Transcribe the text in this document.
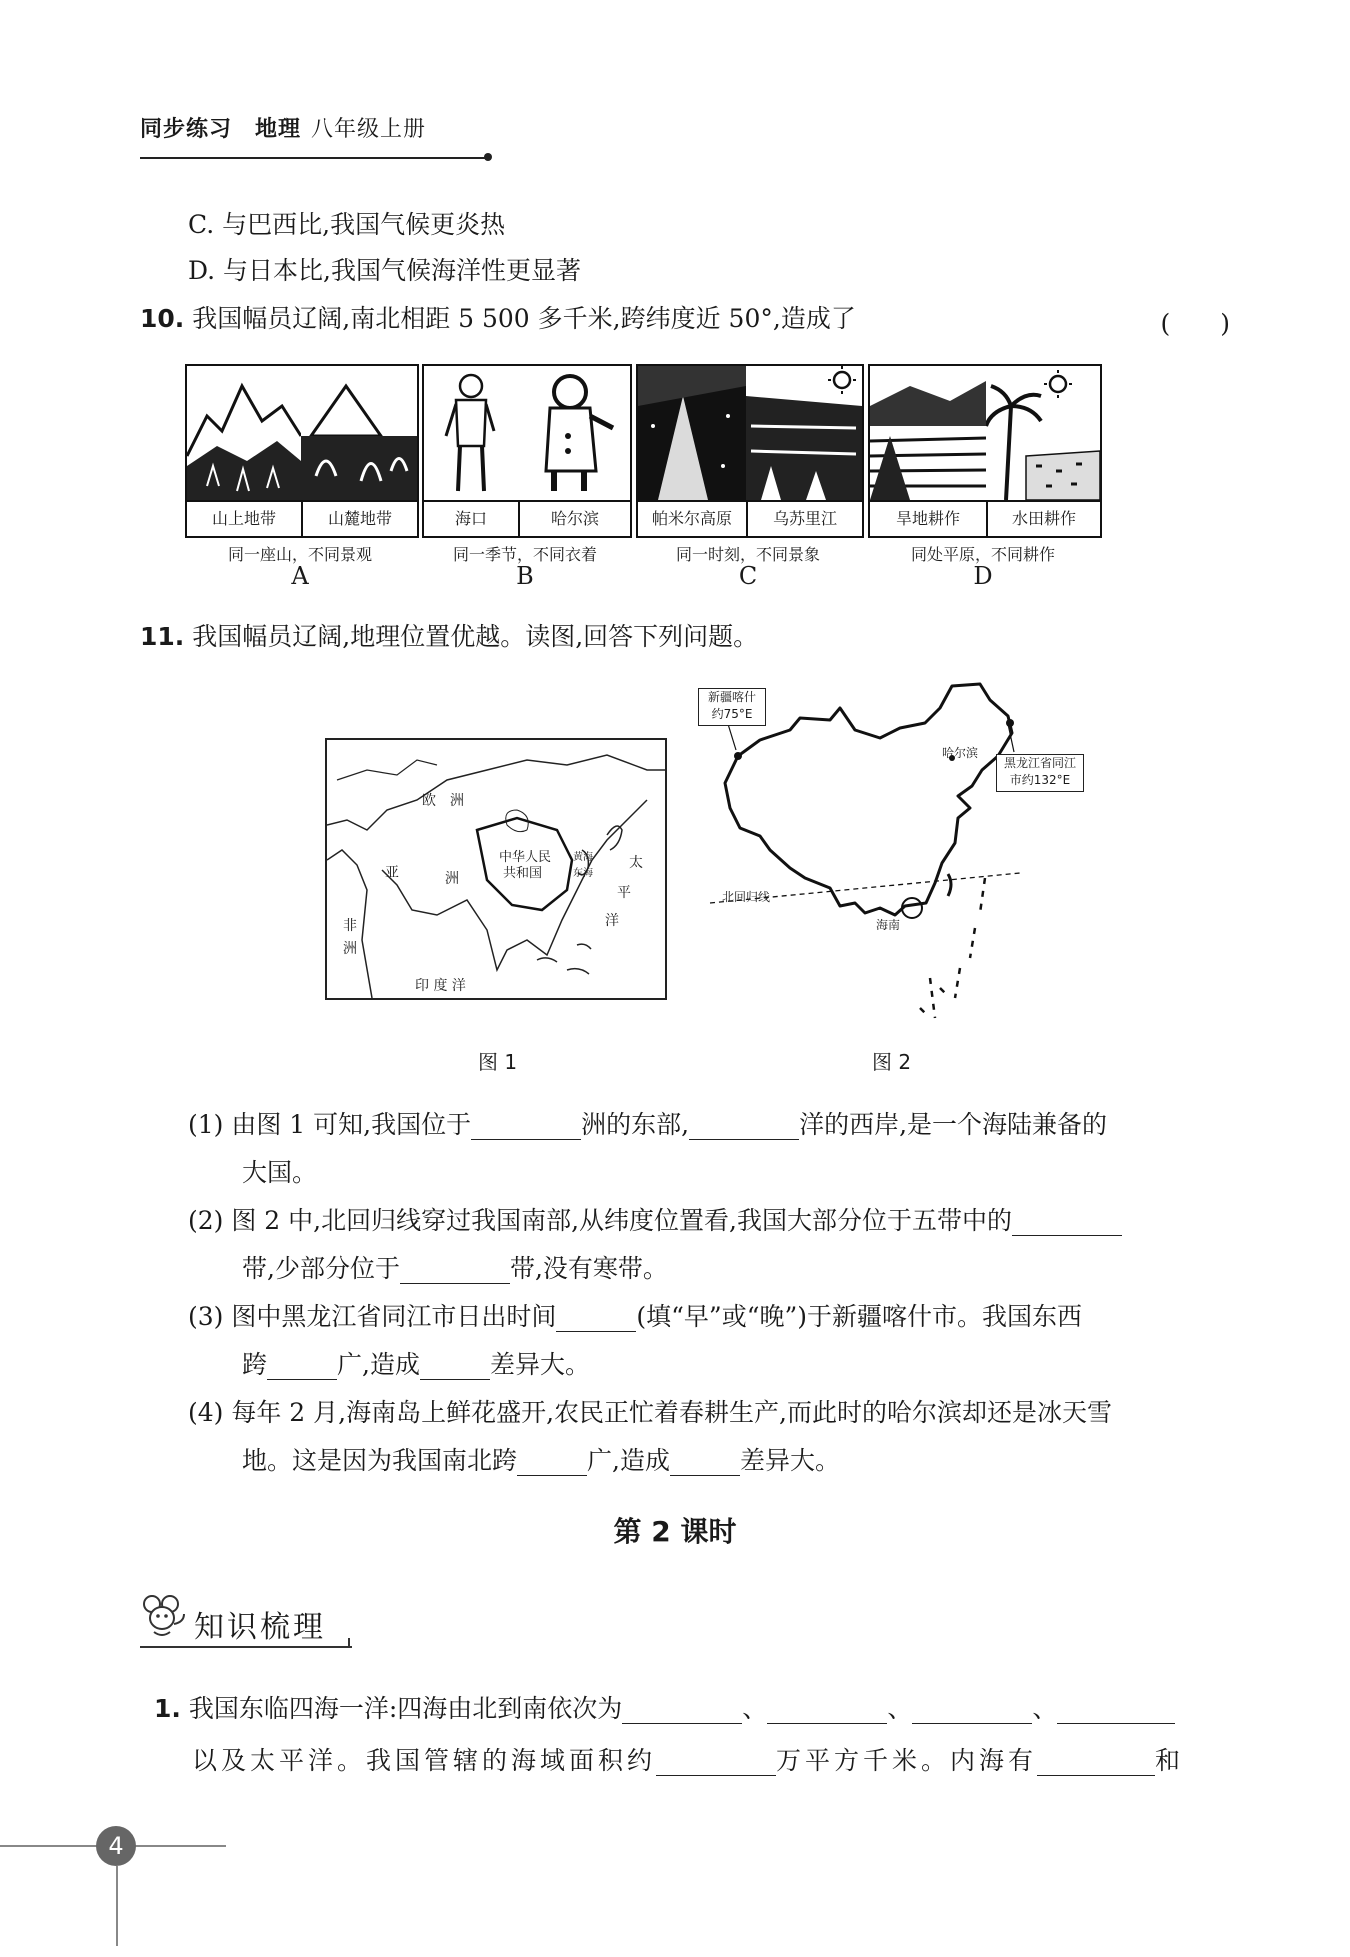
同步练习　地理 八年级上册
C. 与巴西比,我国气候更炎热
D. 与日本比,我国气候海洋性更显著
10. 我国幅员辽阔,南北相距 5 500 多千米,跨纬度近 50°,造成了	(　　)
山上地带	山麓地带	海口	哈尔滨	帕米尔高原	乌苏里江	旱地耕作	水田耕作
同一座山，不同景观	同一季节，不同衣着	同一时刻，不同景象	同处平原，不同耕作
A	B	C	D
11. 我国幅员辽阔,地理位置优越。读图,回答下列问题。
欧　洲
亚	洲
非
洲
中华人民
共和国
黄海
东海
太
平
洋
印 度 洋
图 1
新疆喀什
约75°E
黑龙江省同江
市约132°E
哈尔滨
北回归线
海南
图 2
(1) 由图 1 可知,我国位于	洲的东部,	洋的西岸,是一个海陆兼备的
大国。
(2) 图 2 中,北回归线穿过我国南部,从纬度位置看,我国大部分位于五带中的
带,少部分位于	带,没有寒带。
(3) 图中黑龙江省同江市日出时间	(填“早”或“晚”)于新疆喀什市。我国东西
跨	广,造成	差异大。
(4) 每年 2 月,海南岛上鲜花盛开,农民正忙着春耕生产,而此时的哈尔滨却还是冰天雪
地。这是因为我国南北跨	广,造成	差异大。
第 2 课时
知识梳理
1. 我国东临四海一洋:四海由北到南依次为	、	、	、
以及太平洋。我国管辖的海域面积约	万平方千米。内海有	和
4
